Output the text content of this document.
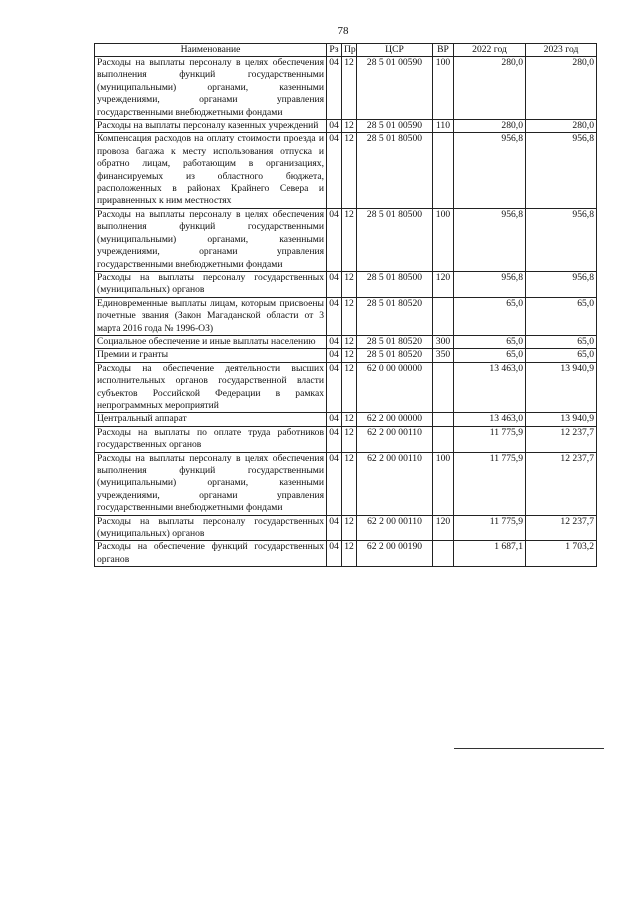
78
Наименование	Рз	Пр	ЦСР	ВР	2022 год	2023 год
Расходы на выплаты персоналу в целях обеспечения выполнения функций государственными (муниципальными) органами, казенными учреждениями, органами управления государственными внебюджетными фондами	04	12	28 5 01 00590	100	280,0	280,0
Расходы на выплаты персоналу казенных учреждений	04	12	28 5 01 00590	110	280,0	280,0
Компенсация расходов на оплату стоимости проезда и провоза багажа к месту использования отпуска и обратно лицам, работающим в организациях, финансируемых из областного бюджета, расположенных в районах Крайнего Севера и приравненных к ним местностях	04	12	28 5 01 80500		956,8	956,8
Расходы на выплаты персоналу в целях обеспечения выполнения функций государственными (муниципальными) органами, казенными учреждениями, органами управления государственными внебюджетными фондами	04	12	28 5 01 80500	100	956,8	956,8
Расходы на выплаты персоналу государственных (муниципальных) органов	04	12	28 5 01 80500	120	956,8	956,8
Единовременные выплаты лицам, которым присвоены почетные звания (Закон Магаданской области от 3 марта 2016 года № 1996-ОЗ)	04	12	28 5 01 80520		65,0	65,0
Социальное обеспечение и иные выплаты населению	04	12	28 5 01 80520	300	65,0	65,0
Премии и гранты	04	12	28 5 01 80520	350	65,0	65,0
Расходы на обеспечение деятельности высших исполнительных органов государственной власти субъектов Российской Федерации в рамках непрограммных мероприятий	04	12	62 0 00 00000		13 463,0	13 940,9
Центральный аппарат	04	12	62 2 00 00000		13 463,0	13 940,9
Расходы на выплаты по оплате труда работников государственных органов	04	12	62 2 00 00110		11 775,9	12 237,7
Расходы на выплаты персоналу в целях обеспечения выполнения функций государственными (муниципальными) органами, казенными учреждениями, органами управления государственными внебюджетными фондами	04	12	62 2 00 00110	100	11 775,9	12 237,7
Расходы на выплаты персоналу государственных (муниципальных) органов	04	12	62 2 00 00110	120	11 775,9	12 237,7
Расходы на обеспечение функций государственных органов	04	12	62 2 00 00190		1 687,1	1 703,2
